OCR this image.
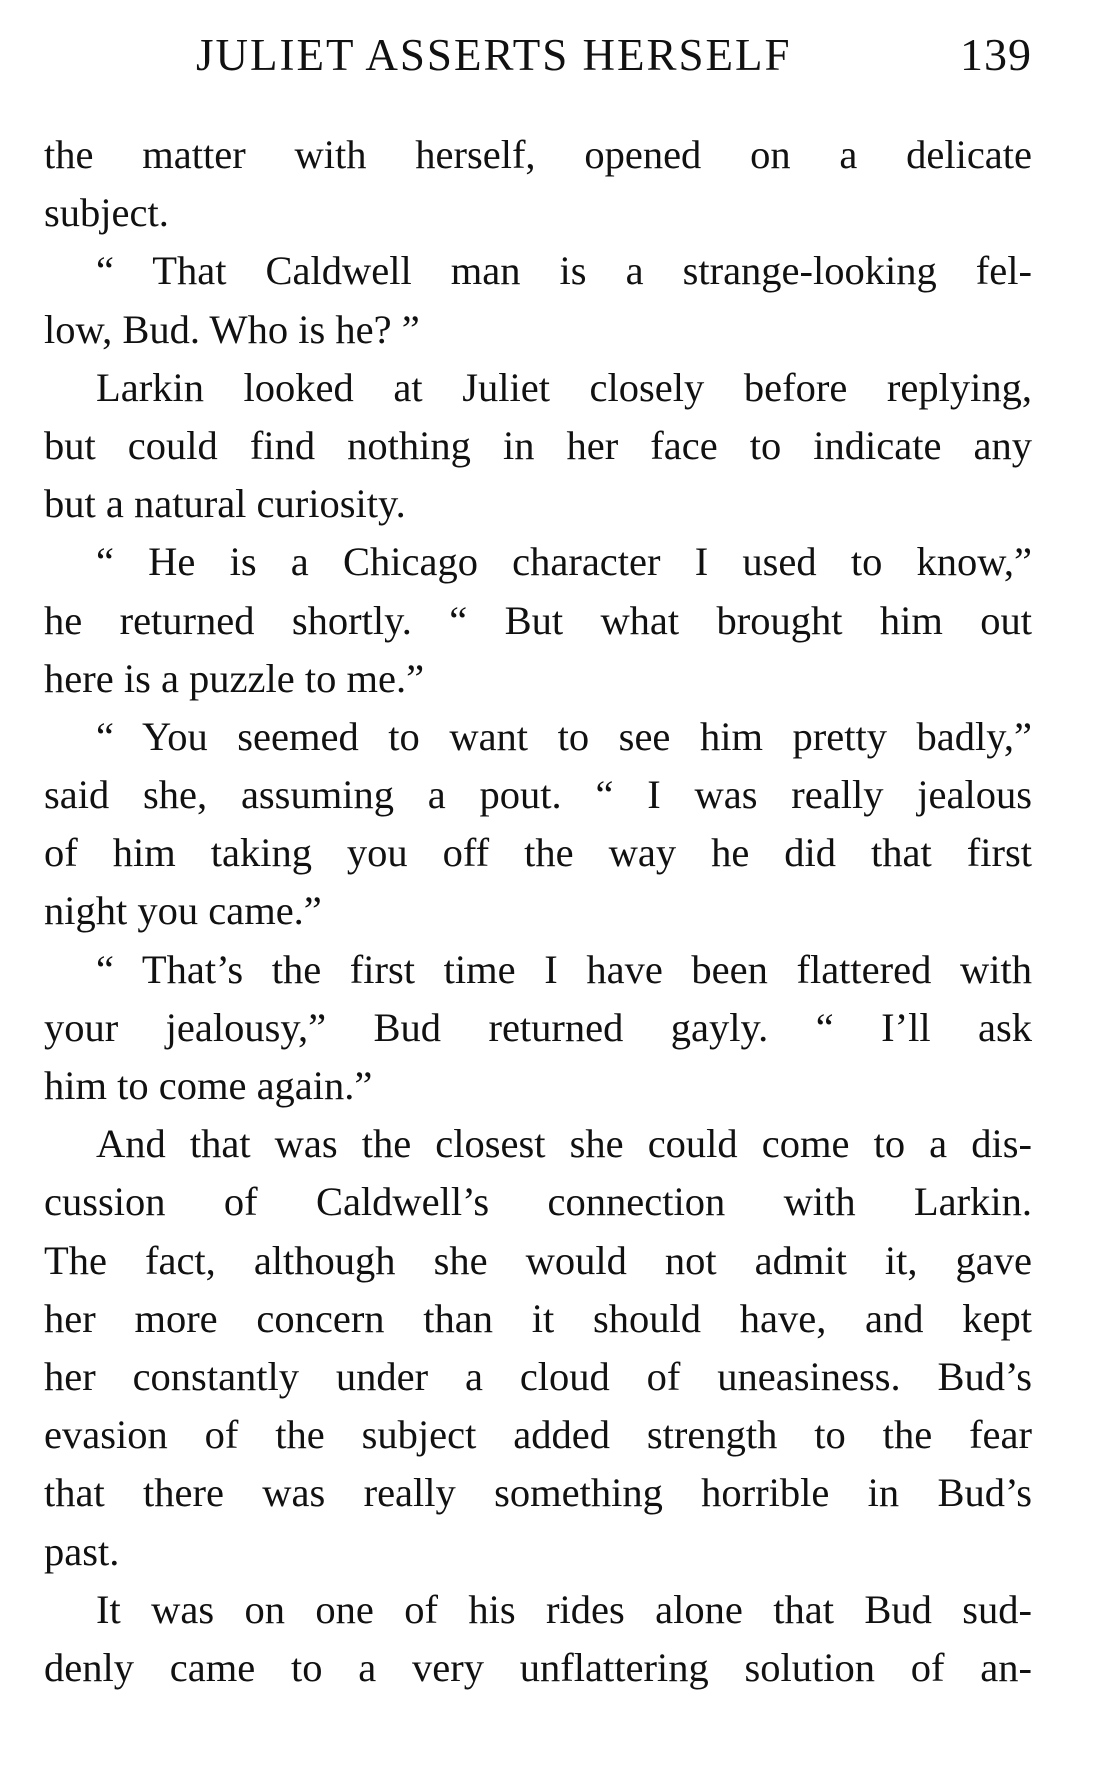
JULIET ASSERTS HERSELF	139
the matter with herself, opened on a delicate
subject.
“ That Caldwell man is a strange-looking fel-
low, Bud. Who is he? ”
Larkin looked at Juliet closely before replying,
but could find nothing in her face to indicate any
but a natural curiosity.
“ He is a Chicago character I used to know,”
he returned shortly. “ But what brought him out
here is a puzzle to me.”
“ You seemed to want to see him pretty badly,”
said she, assuming a pout. “ I was really jealous
of him taking you off the way he did that first
night you came.”
“ That’s the first time I have been flattered with
your jealousy,” Bud returned gayly. “ I’ll ask
him to come again.”
And that was the closest she could come to a dis-
cussion of Caldwell’s connection with Larkin.
The fact, although she would not admit it, gave
her more concern than it should have, and kept
her constantly under a cloud of uneasiness. Bud’s
evasion of the subject added strength to the fear
that there was really something horrible in Bud’s
past.
It was on one of his rides alone that Bud sud-
denly came to a very unflattering solution of an-
